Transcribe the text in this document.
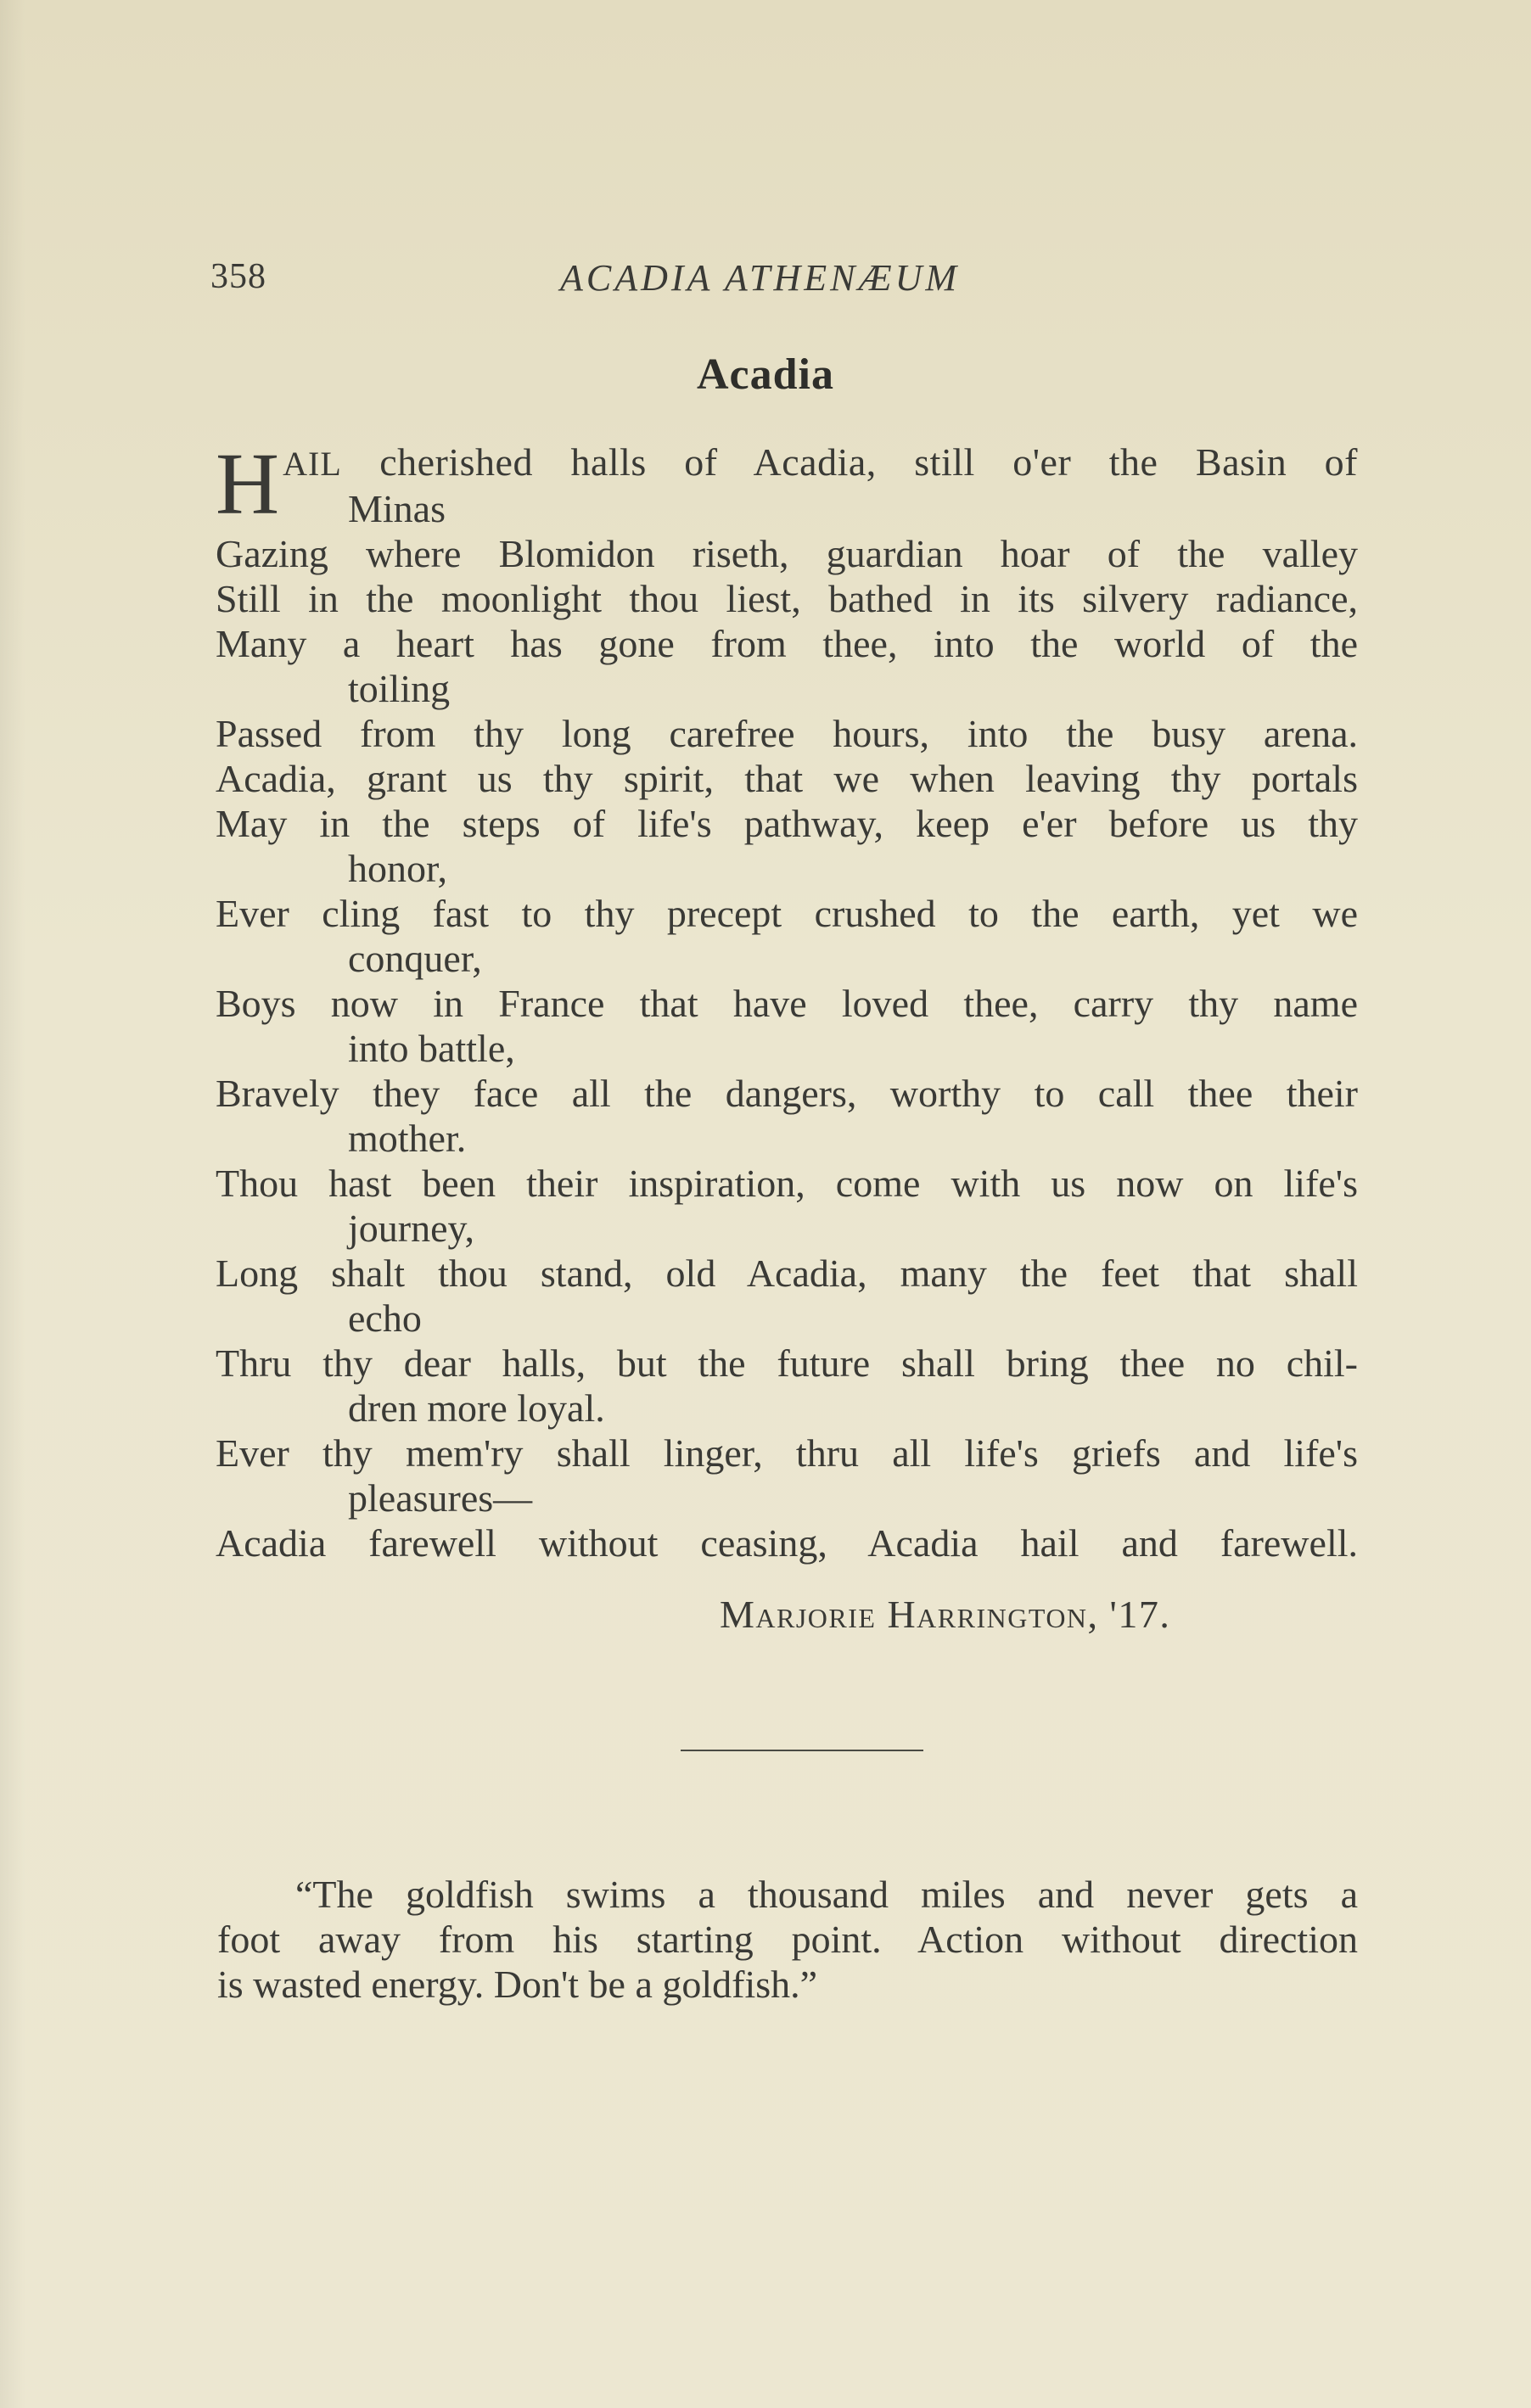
358	ACADIA ATHENÆUM
Acadia
H AIL cherished halls of Acadia, still o'er the Basin of
Minas
Gazing where Blomidon riseth, guardian hoar of the valley
Still in the moonlight thou liest, bathed in its silvery radiance,
Many a heart has gone from thee, into the world of the
toiling
Passed from thy long carefree hours, into the busy arena.
Acadia, grant us thy spirit, that we when leaving thy portals
May in the steps of life's pathway, keep e'er before us thy
honor,
Ever cling fast to thy precept crushed to the earth, yet we
conquer,
Boys now in France that have loved thee, carry thy name
into battle,
Bravely they face all the dangers, worthy to call thee their
mother.
Thou hast been their inspiration, come with us now on life's
journey,
Long shalt thou stand, old Acadia, many the feet that shall
echo
Thru thy dear halls, but the future shall bring thee no chil-
dren more loyal.
Ever thy mem'ry shall linger, thru all life's griefs and life's
pleasures—
Acadia farewell without ceasing, Acadia hail and farewell.
Marjorie Harrington, '17.
“The goldfish swims a thousand miles and never gets a
foot away from his starting point. Action without direction
is wasted energy. Don't be a goldfish.”
